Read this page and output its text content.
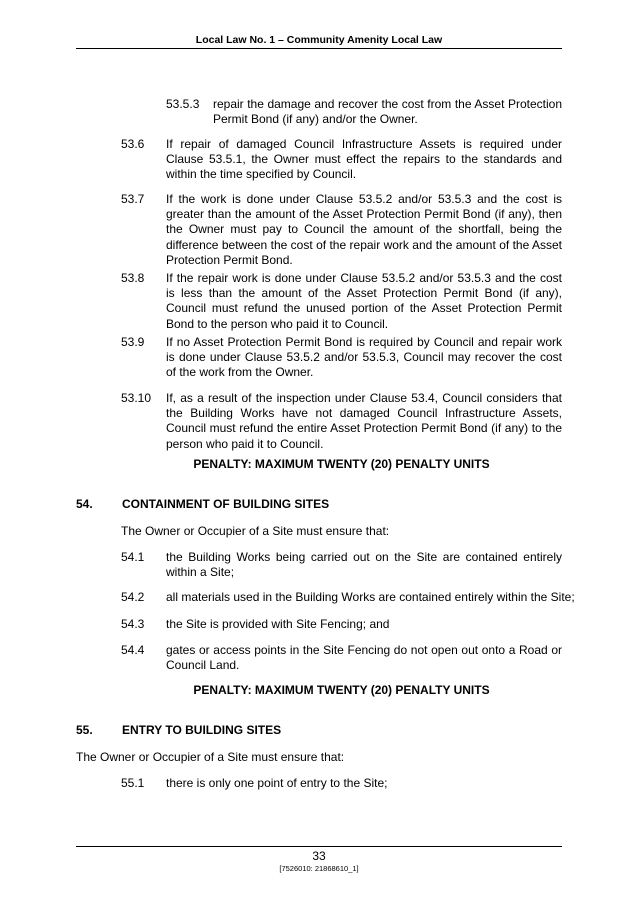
Local Law No. 1 – Community Amenity Local Law
53.5.3	repair the damage and recover the cost from the Asset Protection Permit Bond (if any) and/or the Owner.
53.6	If repair of damaged Council Infrastructure Assets is required under Clause 53.5.1, the Owner must effect the repairs to the standards and within the time specified by Council.
53.7	If the work is done under Clause 53.5.2 and/or 53.5.3 and the cost is greater than the amount of the Asset Protection Permit Bond (if any), then the Owner must pay to Council the amount of the shortfall, being the difference between the cost of the repair work and the amount of the Asset Protection Permit Bond.
53.8	If the repair work is done under Clause 53.5.2 and/or 53.5.3 and the cost is less than the amount of the Asset Protection Permit Bond (if any), Council must refund the unused portion of the Asset Protection Permit Bond to the person who paid it to Council.
53.9	If no Asset Protection Permit Bond is required by Council and repair work is done under Clause 53.5.2 and/or 53.5.3, Council may recover the cost of the work from the Owner.
53.10	If, as a result of the inspection under Clause 53.4, Council considers that the Building Works have not damaged Council Infrastructure Assets, Council must refund the entire Asset Protection Permit Bond (if any) to the person who paid it to Council.
PENALTY: MAXIMUM TWENTY (20) PENALTY UNITS
54. CONTAINMENT OF BUILDING SITES
The Owner or Occupier of a Site must ensure that:
54.1	the Building Works being carried out on the Site are contained entirely within a Site;
54.2	all materials used in the Building Works are contained entirely within the Site;
54.3	the Site is provided with Site Fencing; and
54.4	gates or access points in the Site Fencing do not open out onto a Road or Council Land.
PENALTY: MAXIMUM TWENTY (20) PENALTY UNITS
55. ENTRY TO BUILDING SITES
The Owner or Occupier of a Site must ensure that:
55.1	there is only one point of entry to the Site;
33
[7526010: 21868610_1]
